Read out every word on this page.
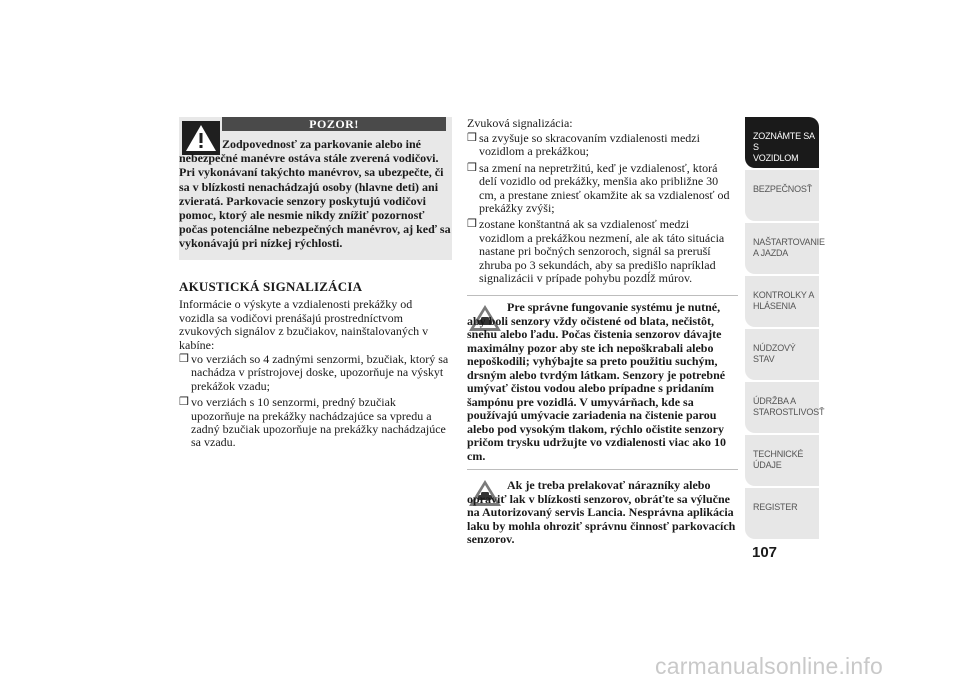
POZOR!

Zodpovednosť za parkovanie alebo iné nebezpečné manévre ostáva stále zverená vodičovi. Pri vykonávaní takýchto manévrov, sa ubezpečte, či sa v blízkosti nenachádzajú osoby (hlavne deti) ani zvieratá. Parkovacie senzory poskytujú vodičovi pomoc, ktorý ale nesmie nikdy znížiť pozornosť počas potenciálne nebezpečných manévrov, aj keď sa vykonávajú pri nízkej rýchlosti.

AKUSTICKÁ SIGNALIZÁCIA

Informácie o výskyte a vzdialenosti prekážky od vozidla sa vodičovi prenášajú prostredníctvom zvukových signálov z bzučiakov, nainštalovaných v kabíne:

❒ vo verziách so 4 zadnými senzormi, bzučiak, ktorý sa nachádza v prístrojovej doske, upozorňuje na výskyt prekážok vzadu;
❒ vo verziách s 10 senzormi, predný bzučiak upozorňuje na prekážky nachádzajúce sa vpredu a zadný bzučiak upozorňuje na prekážky nachádzajúce sa vzadu.

Zvuková signalizácia:

❒ sa zvyšuje so skracovaním vzdialenosti medzi vozidlom a prekážkou;
❒ sa zmení na nepretržitú, keď je vzdialenosť, ktorá delí vozidlo od prekážky, menšia ako približne 30 cm, a prestane zniesť okamžite ak sa vzdialenosť od prekážky zvýši;
❒ zostane konštantná ak sa vzdialenosť medzi vozidlom a prekážkou nezmení, ale ak táto situácia nastane pri bočných senzoroch, signál sa preruší zhruba po 3 sekundách, aby sa predišlo napríklad signalizácii v prípade pohybu pozdĺž múrov.

Pre správne fungovanie systému je nutné, aby boli senzory vždy očistené od blata, nečistôt, snehu alebo ľadu. Počas čistenia senzorov dávajte maximálny pozor aby ste ich nepoškrabali alebo nepoškodili; vyhýbajte sa preto použitiu suchým, drsným alebo tvrdým látkam. Senzory je potrebné umývať čistou vodou alebo prípadne s pridaním šampónu pre vozidlá. V umyvárňach, kde sa používajú umývacie zariadenia na čistenie parou alebo pod vysokým tlakom, rýchlo očistite senzory pričom trysku udržujte vo vzdialenosti viac ako 10 cm.

Ak je treba prelakovať nárazníky alebo opraviť lak v blízkosti senzorov, obráťte sa výlučne na Autorizovaný servis Lancia. Nesprávna aplikácia laku by mohla ohroziť správnu činnosť parkovacích senzorov.

ZOZNÁMTE SA S
VOZIDLOM
BEZPEČNOSŤ
NAŠTARTOVANIE
A JAZDA
KONTROLKY A
HLÁSENIA
NÚDZOVÝ STAV
ÚDRŽBA A
STAROSTLIVOSŤ
TECHNICKÉ
ÚDAJE
107
carmanualsonline.info
REGISTER
